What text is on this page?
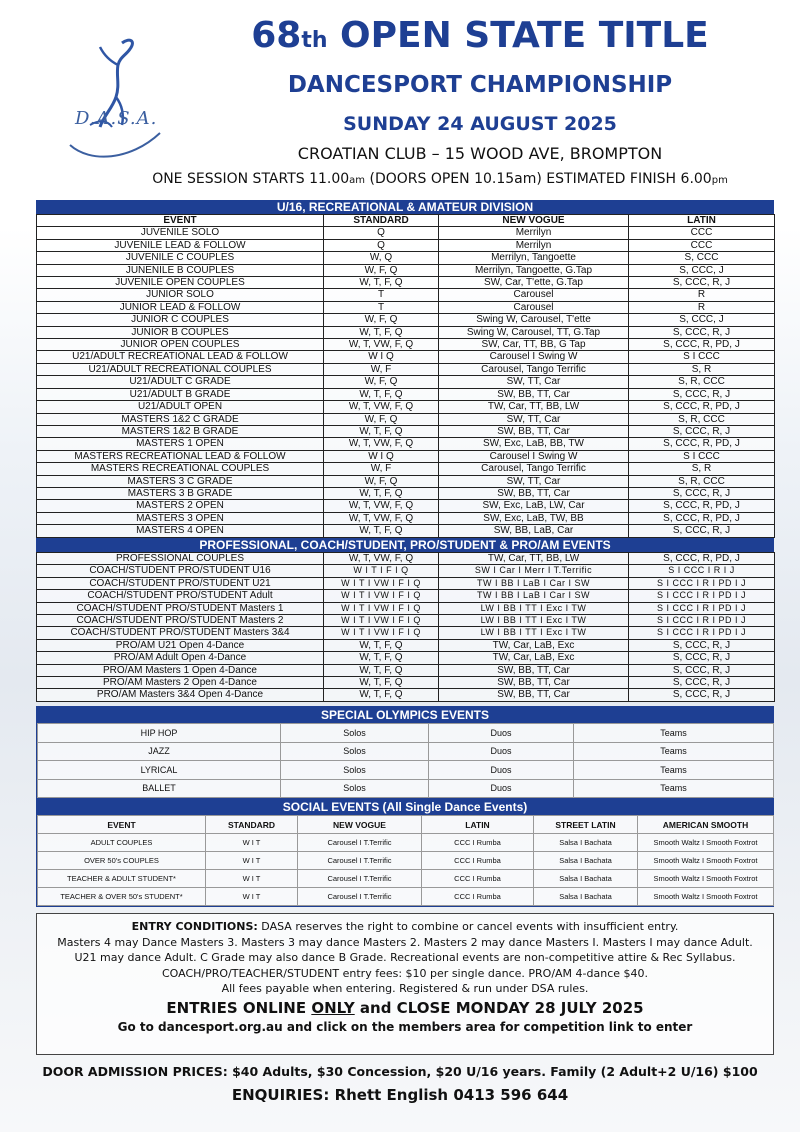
D.A.S.A.
68th OPEN STATE TITLE
DANCESPORT CHAMPIONSHIP
SUNDAY 24 AUGUST 2025
CROATIAN CLUB – 15 WOOD AVE, BROMPTON
ONE SESSION STARTS 11.00am (DOORS OPEN 10.15am) ESTIMATED FINISH 6.00pm
U/16, RECREATIONAL & AMATEUR DIVISION
EVENT	STANDARD	NEW VOGUE	LATIN
JUVENILE SOLO	Q	Merrilyn	CCC
JUVENILE LEAD & FOLLOW	Q	Merrilyn	CCC
JUVENILE C COUPLES	W, Q	Merrilyn, Tangoette	S, CCC
JUNENILE B COUPLES	W, F, Q	Merrilyn, Tangoette, G.Tap	S, CCC, J
JUVENILE OPEN COUPLES	W, T, F, Q	SW, Car, T'ette, G.Tap	S, CCC, R, J
JUNIOR SOLO	T	Carousel	R
JUNIOR LEAD & FOLLOW	T	Carousel	R
JUNIOR C COUPLES	W, F, Q	Swing W, Carousel, T'ette	S, CCC, J
JUNIOR B COUPLES	W, T, F, Q	Swing W, Carousel, TT, G.Tap	S, CCC, R, J
JUNIOR OPEN COUPLES	W, T, VW, F, Q	SW, Car, TT, BB, G Tap	S, CCC, R, PD, J
U21/ADULT RECREATIONAL LEAD & FOLLOW	W I Q	Carousel I Swing W	S I CCC
U21/ADULT RECREATIONAL COUPLES	W, F	Carousel, Tango Terrific	S, R
U21/ADULT C GRADE	W, F, Q	SW, TT, Car	S, R, CCC
U21/ADULT B GRADE	W, T, F, Q	SW, BB, TT, Car	S, CCC, R, J
U21/ADULT OPEN	W, T, VW, F, Q	TW, Car, TT, BB, LW	S, CCC, R, PD, J
MASTERS 1&2 C GRADE	W, F, Q	SW, TT, Car	S, R, CCC
MASTERS 1&2 B GRADE	W, T, F, Q	SW, BB, TT, Car	S, CCC, R, J
MASTERS 1 OPEN	W, T, VW, F, Q	SW, Exc, LaB, BB, TW	S, CCC, R, PD, J
MASTERS RECREATIONAL LEAD & FOLLOW	W I Q	Carousel I Swing W	S I CCC
MASTERS RECREATIONAL COUPLES	W, F	Carousel, Tango Terrific	S, R
MASTERS 3 C GRADE	W, F, Q	SW, TT, Car	S, R, CCC
MASTERS 3 B GRADE	W, T, F, Q	SW, BB, TT, Car	S, CCC, R, J
MASTERS 2 OPEN	W, T, VW, F, Q	SW, Exc, LaB, LW, Car	S, CCC, R, PD, J
MASTERS 3 OPEN	W, T, VW, F, Q	SW, Exc, LaB, TW, BB	S, CCC, R, PD, J
MASTERS 4 OPEN	W, T, F, Q	SW, BB, LaB, Car	S, CCC, R, J
PROFESSIONAL, COACH/STUDENT, PRO/STUDENT & PRO/AM EVENTS
PROFESSIONAL COUPLES	W, T, VW, F, Q	TW, Car, TT, BB, LW	S, CCC, R, PD, J
COACH/STUDENT PRO/STUDENT U16	W I T I F I Q	SW I Car I Merr I T.Terrific	S I CCC I R I J
COACH/STUDENT PRO/STUDENT U21	W I T I VW I F I Q	TW I BB I LaB I Car I SW	S I CCC I R I PD I J
COACH/STUDENT PRO/STUDENT Adult	W I T I VW I F I Q	TW I BB I LaB I Car I SW	S I CCC I R I PD I J
COACH/STUDENT PRO/STUDENT Masters 1	W I T I VW I F I Q	LW I BB I TT I Exc I TW	S I CCC I R I PD I J
COACH/STUDENT PRO/STUDENT Masters 2	W I T I VW I F I Q	LW I BB I TT I Exc I TW	S I CCC I R I PD I J
COACH/STUDENT PRO/STUDENT Masters 3&4	W I T I VW I F I Q	LW I BB I TT I Exc I TW	S I CCC I R I PD I J
PRO/AM U21 Open 4-Dance	W, T, F, Q	TW, Car, LaB, Exc	S, CCC, R, J
PRO/AM Adult Open 4-Dance	W, T, F, Q	TW, Car, LaB, Exc	S, CCC, R, J
PRO/AM Masters 1 Open 4-Dance	W, T, F, Q	SW, BB, TT, Car	S, CCC, R, J
PRO/AM Masters 2 Open 4-Dance	W, T, F, Q	SW, BB, TT, Car	S, CCC, R, J
PRO/AM Masters 3&4 Open 4-Dance	W, T, F, Q	SW, BB, TT, Car	S, CCC, R, J
SPECIAL OLYMPICS EVENTS
HIP HOP	Solos	Duos	Teams
JAZZ	Solos	Duos	Teams
LYRICAL	Solos	Duos	Teams
BALLET	Solos	Duos	Teams
SOCIAL EVENTS (All Single Dance Events)
EVENT	STANDARD	NEW VOGUE	LATIN	STREET LATIN	AMERICAN SMOOTH
ADULT COUPLES	W I T	Carousel I T.Terrific	CCC I Rumba	Salsa I Bachata	Smooth Waltz I Smooth Foxtrot
OVER 50's COUPLES	W I T	Carousel I T.Terrific	CCC I Rumba	Salsa I Bachata	Smooth Waltz I Smooth Foxtrot
TEACHER & ADULT STUDENT*	W I T	Carousel I T.Terrific	CCC I Rumba	Salsa I Bachata	Smooth Waltz I Smooth Foxtrot
TEACHER & OVER 50's STUDENT*	W I T	Carousel I T.Terrific	CCC I Rumba	Salsa I Bachata	Smooth Waltz I Smooth Foxtrot
ENTRY CONDITIONS: DASA reserves the right to combine or cancel events with insufficient entry.
Masters 4 may Dance Masters 3. Masters 3 may dance Masters 2. Masters 2 may dance Masters I. Masters I may dance Adult.
U21 may dance Adult. C Grade may also dance B Grade. Recreational events are non-competitive attire & Rec Syllabus.
COACH/PRO/TEACHER/STUDENT entry fees: $10 per single dance. PRO/AM 4-dance $40.
All fees payable when entering. Registered & run under DSA rules.
ENTRIES ONLINE ONLY and CLOSE MONDAY 28 JULY 2025
Go to dancesport.org.au and click on the members area for competition link to enter
DOOR ADMISSION PRICES: $40 Adults, $30 Concession, $20 U/16 years. Family (2 Adult+2 U/16) $100
ENQUIRIES: Rhett English 0413 596 644
